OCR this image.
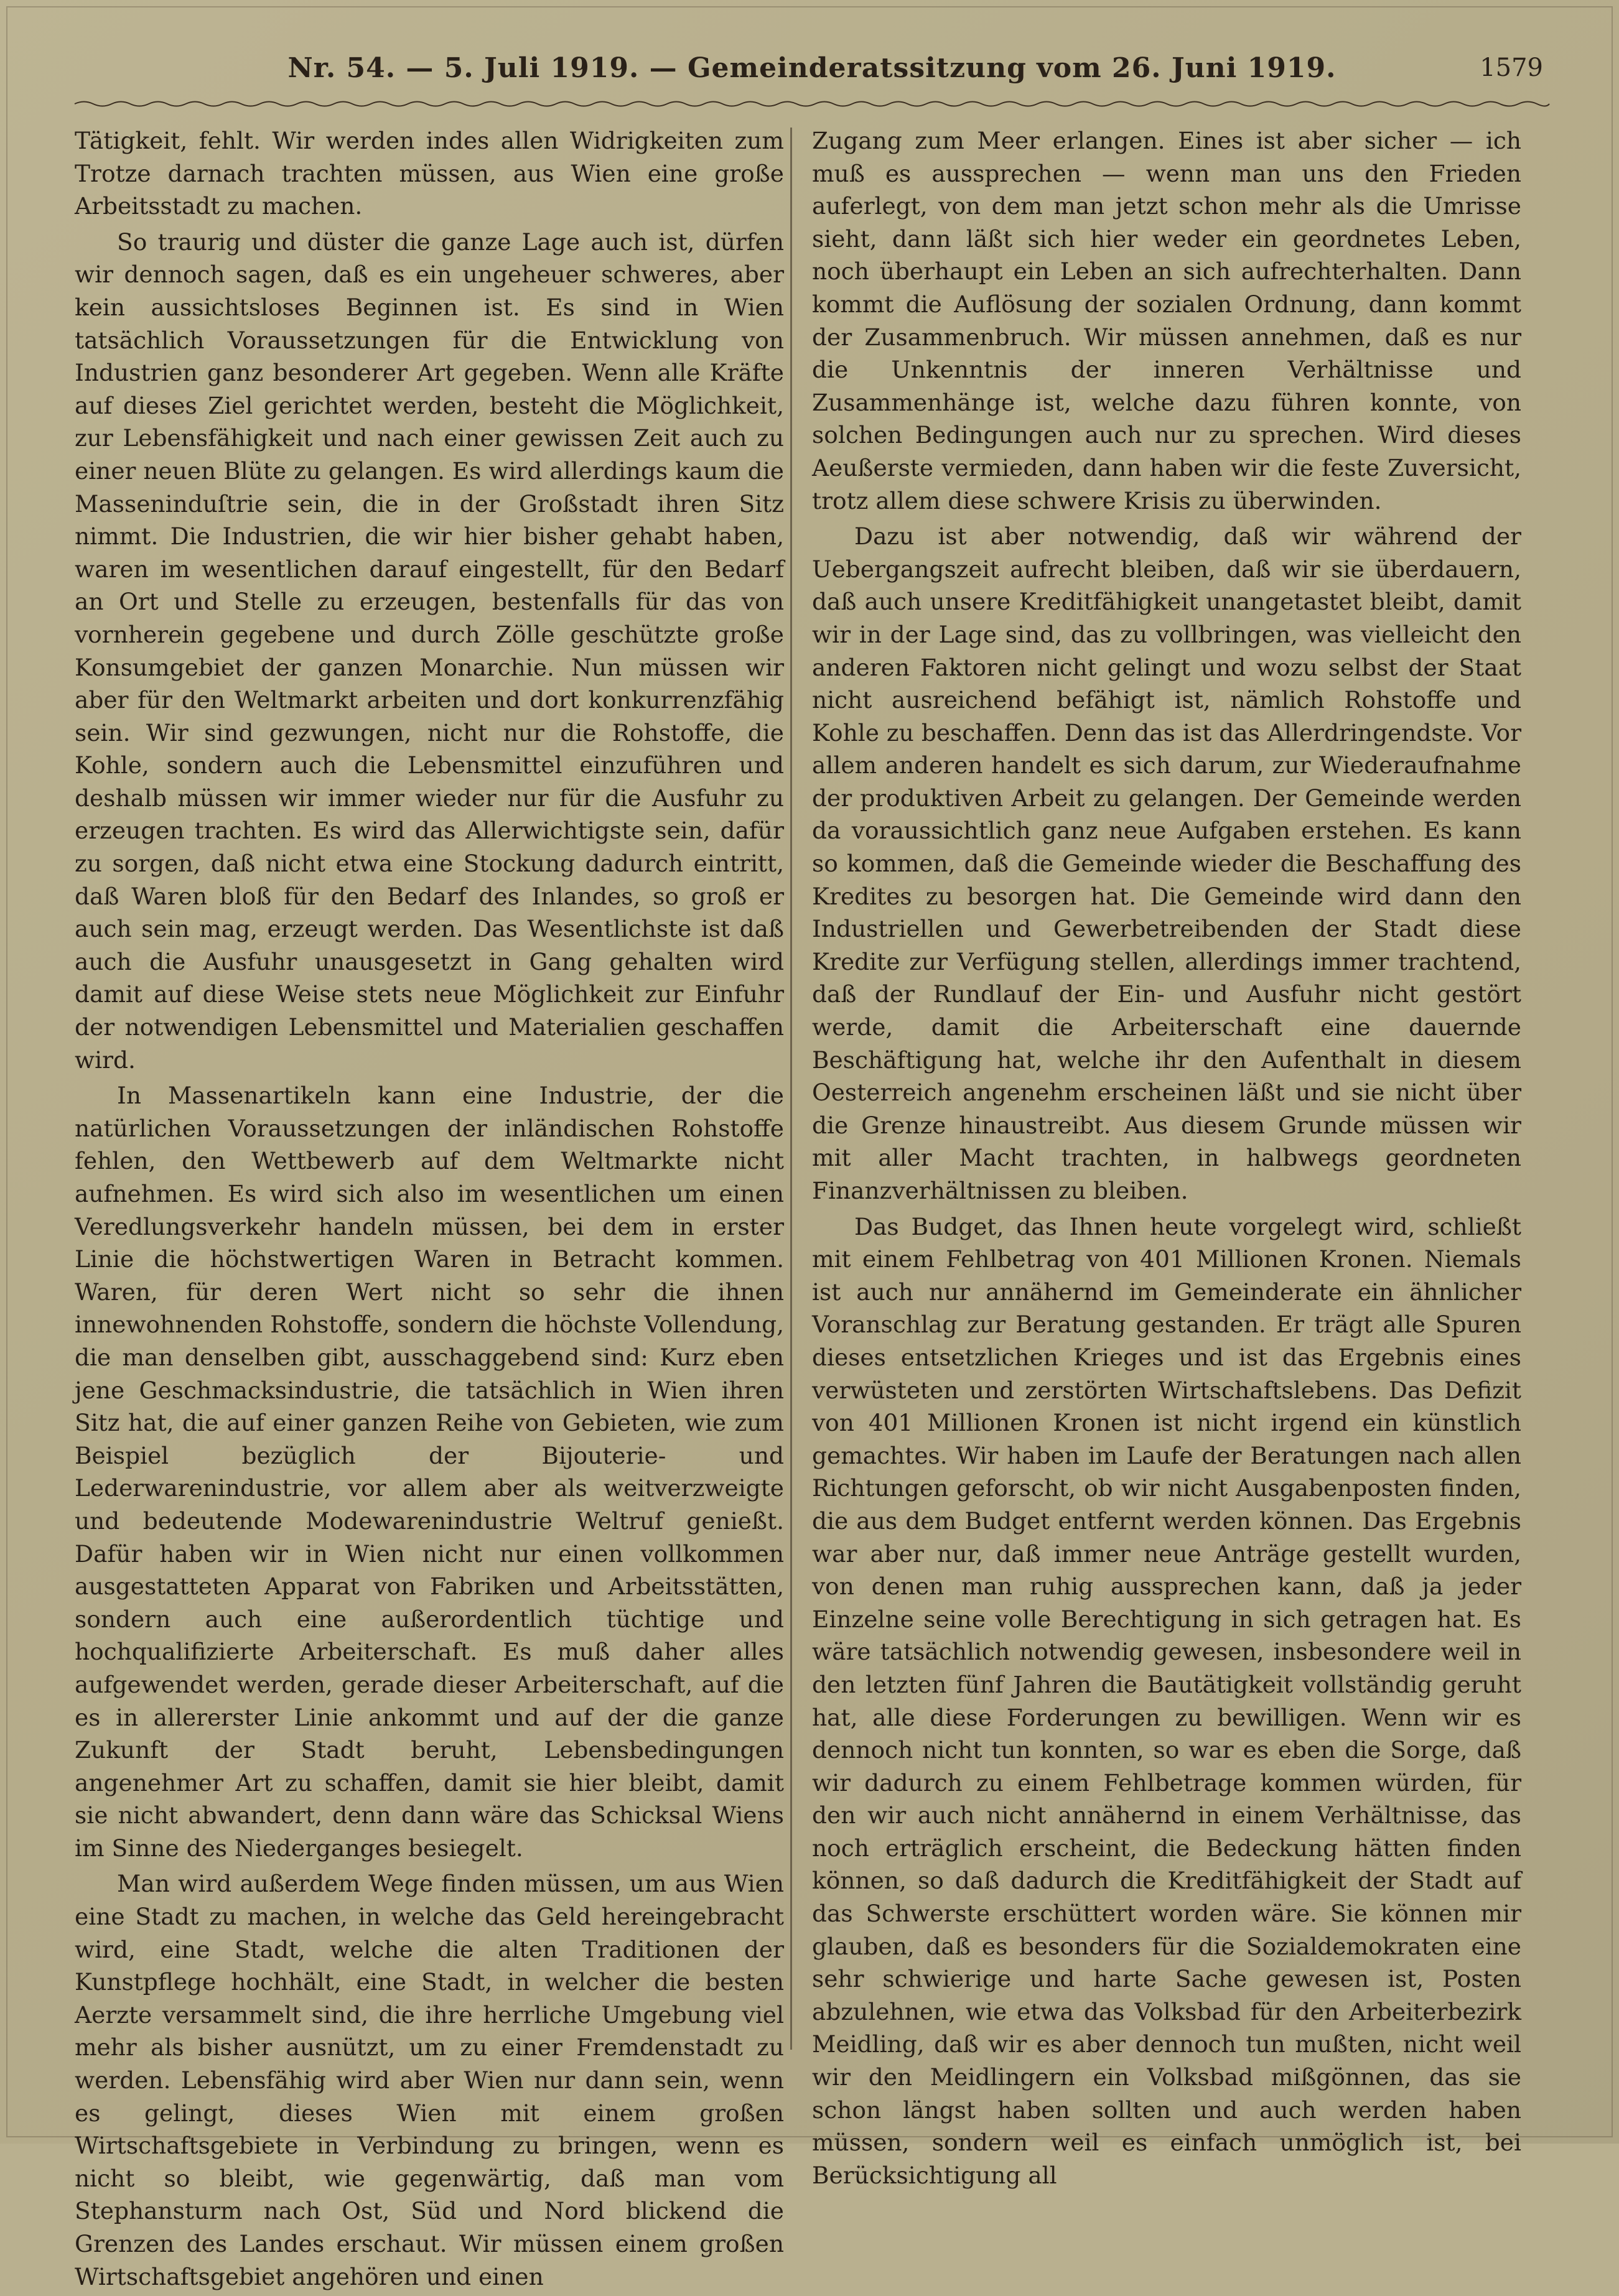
Nr. 54. — 5. Juli 1919. — Gemeinderatssitzung vom 26. Juni 1919.	1579

Tätigkeit, fehlt. Wir werden indes allen Widrigkeiten zum Trotze darnach trachten müssen, aus Wien eine große Arbeitsstadt zu machen.

So traurig und düster die ganze Lage auch ist, dürfen wir dennoch sagen, daß es ein ungeheuer schweres, aber kein aussichtsloses Beginnen ist. Es sind in Wien tatsächlich Voraussetzungen für die Entwicklung von Industrien ganz besonderer Art gegeben. Wenn alle Kräfte auf dieses Ziel gerichtet werden, besteht die Möglichkeit, zur Lebensfähigkeit und nach einer gewissen Zeit auch zu einer neuen Blüte zu gelangen. Es wird allerdings kaum die Masseninduſtrie sein, die in der Großstadt ihren Sitz nimmt. Die Industrien, die wir hier bisher gehabt haben, waren im wesentlichen darauf eingestellt, für den Bedarf an Ort und Stelle zu erzeugen, bestenfalls für das von vornherein gegebene und durch Zölle geschützte große Konsumgebiet der ganzen Monarchie. Nun müssen wir aber für den Weltmarkt arbeiten und dort konkurrenzfähig sein. Wir sind gezwungen, nicht nur die Rohstoffe, die Kohle, sondern auch die Lebensmittel einzuführen und deshalb müssen wir immer wieder nur für die Ausfuhr zu erzeugen trachten. Es wird das Allerwichtigste sein, dafür zu sorgen, daß nicht etwa eine Stockung dadurch eintritt, daß Waren bloß für den Bedarf des Inlandes, so groß er auch sein mag, erzeugt werden. Das Wesentlichste ist daß auch die Ausfuhr unausgesetzt in Gang gehalten wird damit auf diese Weise stets neue Möglichkeit zur Einfuhr der notwendigen Lebensmittel und Materialien geschaffen wird.

In Massenartikeln kann eine Industrie, der die natürlichen Voraussetzungen der inländischen Rohstoffe fehlen, den Wettbewerb auf dem Weltmarkte nicht aufnehmen. Es wird sich also im wesentlichen um einen Veredlungsverkehr handeln müssen, bei dem in erster Linie die höchstwertigen Waren in Betracht kommen. Waren, für deren Wert nicht so sehr die ihnen innewohnenden Rohstoffe, sondern die höchste Vollendung, die man denselben gibt, ausschaggebend sind: Kurz eben jene Geschmacksindustrie, die tatsächlich in Wien ihren Sitz hat, die auf einer ganzen Reihe von Gebieten, wie zum Beispiel bezüglich der Bijouterie- und Lederwarenindustrie, vor allem aber als weitverzweigte und bedeutende Modewarenindustrie Weltruf genießt. Dafür haben wir in Wien nicht nur einen vollkommen ausgestatteten Apparat von Fabriken und Arbeitsstätten, sondern auch eine außerordentlich tüchtige und hochqualifizierte Arbeiterschaft. Es muß daher alles aufgewendet werden, gerade dieser Arbeiterschaft, auf die es in allererster Linie ankommt und auf der die ganze Zukunft der Stadt beruht, Lebensbedingungen angenehmer Art zu schaffen, damit sie hier bleibt, damit sie nicht abwandert, denn dann wäre das Schicksal Wiens im Sinne des Niederganges besiegelt.

Man wird außerdem Wege finden müssen, um aus Wien eine Stadt zu machen, in welche das Geld hereingebracht wird, eine Stadt, welche die alten Traditionen der Kunstpflege hochhält, eine Stadt, in welcher die besten Aerzte versammelt sind, die ihre herrliche Umgebung viel mehr als bisher ausnützt, um zu einer Fremdenstadt zu werden. Lebensfähig wird aber Wien nur dann sein, wenn es gelingt, dieses Wien mit einem großen Wirtschaftsgebiete in Verbindung zu bringen, wenn es nicht so bleibt, wie gegenwärtig, daß man vom Stephansturm nach Ost, Süd und Nord blickend die Grenzen des Landes erschaut. Wir müssen einem großen Wirtschaftsgebiet angehören und einen

Zugang zum Meer erlangen. Eines ist aber sicher — ich muß es aussprechen — wenn man uns den Frieden auferlegt, von dem man jetzt schon mehr als die Umrisse sieht, dann läßt sich hier weder ein geordnetes Leben, noch überhaupt ein Leben an sich aufrechterhalten. Dann kommt die Auflösung der sozialen Ordnung, dann kommt der Zusammenbruch. Wir müssen annehmen, daß es nur die Unkenntnis der inneren Verhältnisse und Zusammenhänge ist, welche dazu führen konnte, von solchen Bedingungen auch nur zu sprechen. Wird dieses Aeußerste vermieden, dann haben wir die feste Zuversicht, trotz allem diese schwere Krisis zu überwinden.

Dazu ist aber notwendig, daß wir während der Uebergangszeit aufrecht bleiben, daß wir sie überdauern, daß auch unsere Kreditfähigkeit unangetastet bleibt, damit wir in der Lage sind, das zu vollbringen, was vielleicht den anderen Faktoren nicht gelingt und wozu selbst der Staat nicht ausreichend befähigt ist, nämlich Rohstoffe und Kohle zu beschaffen. Denn das ist das Allerdringendste. Vor allem anderen handelt es sich darum, zur Wiederaufnahme der produktiven Arbeit zu gelangen. Der Gemeinde werden da voraussichtlich ganz neue Aufgaben erstehen. Es kann so kommen, daß die Gemeinde wieder die Beschaffung des Kredites zu besorgen hat. Die Gemeinde wird dann den Industriellen und Gewerbetreibenden der Stadt diese Kredite zur Verfügung stellen, allerdings immer trachtend, daß der Rundlauf der Ein- und Ausfuhr nicht gestört werde, damit die Arbeiterschaft eine dauernde Beschäftigung hat, welche ihr den Aufenthalt in diesem Oesterreich angenehm erscheinen läßt und sie nicht über die Grenze hinaustreibt. Aus diesem Grunde müssen wir mit aller Macht trachten, in halbwegs geordneten Finanzverhältnissen zu bleiben.

Das Budget, das Ihnen heute vorgelegt wird, schließt mit einem Fehlbetrag von 401 Millionen Kronen. Niemals ist auch nur annähernd im Gemeinderate ein ähnlicher Voranschlag zur Beratung gestanden. Er trägt alle Spuren dieses entsetzlichen Krieges und ist das Ergebnis eines verwüsteten und zerstörten Wirtschaftslebens. Das Defizit von 401 Millionen Kronen ist nicht irgend ein künstlich gemachtes. Wir haben im Laufe der Beratungen nach allen Richtungen geforscht, ob wir nicht Ausgabenposten finden, die aus dem Budget entfernt werden können. Das Ergebnis war aber nur, daß immer neue Anträge gestellt wurden, von denen man ruhig aussprechen kann, daß ja jeder Einzelne seine volle Berechtigung in sich getragen hat. Es wäre tatsächlich notwendig gewesen, insbesondere weil in den letzten fünf Jahren die Bautätigkeit vollständig geruht hat, alle diese Forderungen zu bewilligen. Wenn wir es dennoch nicht tun konnten, so war es eben die Sorge, daß wir dadurch zu einem Fehlbetrage kommen würden, für den wir auch nicht annähernd in einem Verhältnisse, das noch erträglich erscheint, die Bedeckung hätten finden können, so daß dadurch die Kreditfähigkeit der Stadt auf das Schwerste erschüttert worden wäre. Sie können mir glauben, daß es besonders für die Sozialdemokraten eine sehr schwierige und harte Sache gewesen ist, Posten abzulehnen, wie etwa das Volksbad für den Arbeiterbezirk Meidling, daß wir es aber dennoch tun mußten, nicht weil wir den Meidlingern ein Volksbad mißgönnen, das sie schon längst haben sollten und auch werden haben müssen, sondern weil es einfach unmöglich ist, bei Berücksichtigung all
